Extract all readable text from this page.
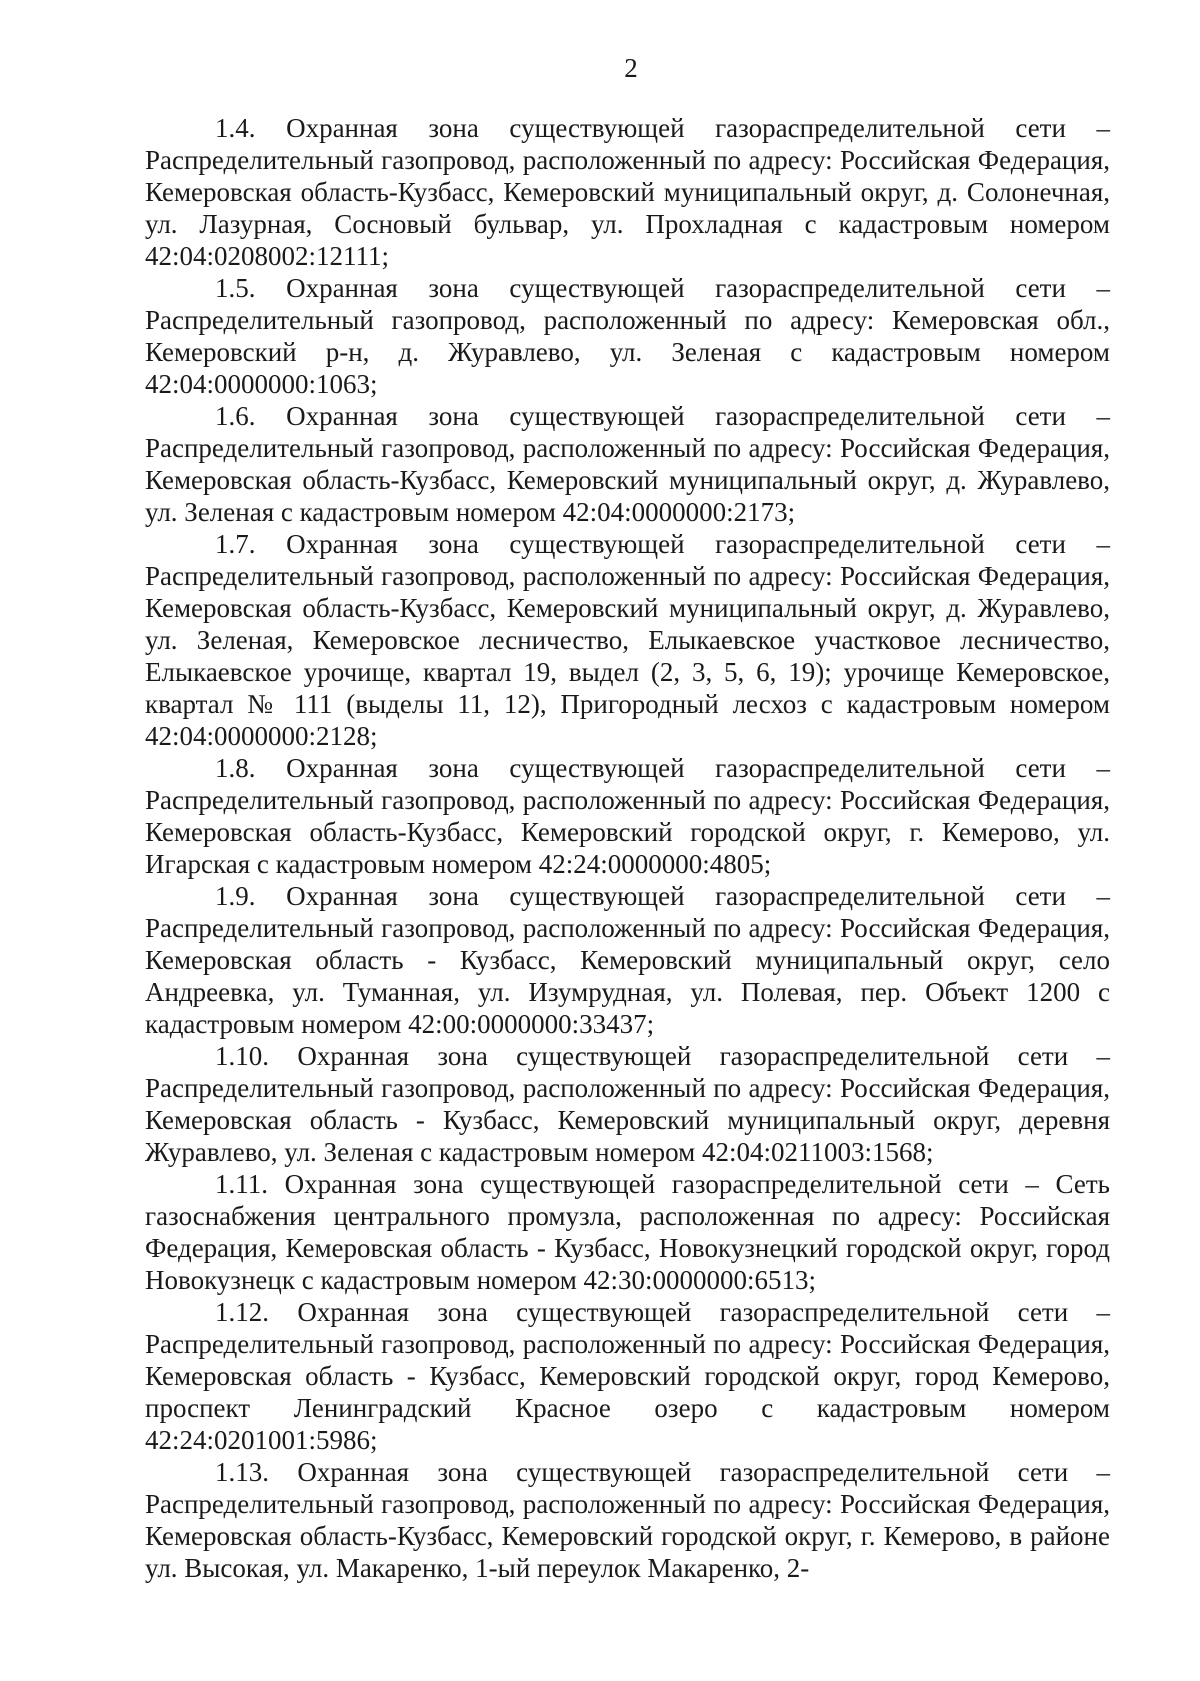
2

1.4. Охранная зона существующей газораспределительной сети – Распределительный газопровод, расположенный по адресу: Российская Федерация, Кемеровская область-Кузбасс, Кемеровский муниципальный округ, д. Солонечная, ул. Лазурная, Сосновый бульвар, ул. Прохладная с кадастровым номером 42:04:0208002:12111;

1.5. Охранная зона существующей газораспределительной сети – Распределительный газопровод, расположенный по адресу: Кемеровская обл., Кемеровский р-н, д. Журавлево, ул. Зеленая с кадастровым номером 42:04:0000000:1063;

1.6. Охранная зона существующей газораспределительной сети – Распределительный газопровод, расположенный по адресу: Российская Федерация, Кемеровская область-Кузбасс, Кемеровский муниципальный округ, д. Журавлево, ул. Зеленая с кадастровым номером 42:04:0000000:2173;

1.7. Охранная зона существующей газораспределительной сети – Распределительный газопровод, расположенный по адресу: Российская Федерация, Кемеровская область-Кузбасс, Кемеровский муниципальный округ, д. Журавлево, ул. Зеленая, Кемеровское лесничество, Елыкаевское участковое лесничество, Елыкаевское урочище, квартал 19, выдел (2, 3, 5, 6, 19); урочище Кемеровское, квартал № 111 (выделы 11, 12), Пригородный лесхоз с кадастровым номером 42:04:0000000:2128;

1.8. Охранная зона существующей газораспределительной сети – Распределительный газопровод, расположенный по адресу: Российская Федерация, Кемеровская область-Кузбасс, Кемеровский городской округ, г. Кемерово, ул. Игарская с кадастровым номером 42:24:0000000:4805;

1.9. Охранная зона существующей газораспределительной сети – Распределительный газопровод, расположенный по адресу: Российская Федерация, Кемеровская область - Кузбасс, Кемеровский муниципальный округ, село Андреевка, ул. Туманная, ул. Изумрудная, ул. Полевая, пер. Объект 1200 с кадастровым номером 42:00:0000000:33437;

1.10. Охранная зона существующей газораспределительной сети – Распределительный газопровод, расположенный по адресу: Российская Федерация, Кемеровская область - Кузбасс, Кемеровский муниципальный округ, деревня Журавлево, ул. Зеленая с кадастровым номером 42:04:0211003:1568;

1.11. Охранная зона существующей газораспределительной сети – Сеть газоснабжения центрального промузла, расположенная по адресу: Российская Федерация, Кемеровская область - Кузбасс, Новокузнецкий городской округ, город Новокузнецк с кадастровым номером 42:30:0000000:6513;

1.12. Охранная зона существующей газораспределительной сети – Распределительный газопровод, расположенный по адресу: Российская Федерация, Кемеровская область - Кузбасс, Кемеровский городской округ, город Кемерово, проспект Ленинградский Красное озеро с кадастровым номером 42:24:0201001:5986;

1.13. Охранная зона существующей газораспределительной сети – Распределительный газопровод, расположенный по адресу: Российская Федерация, Кемеровская область-Кузбасс, Кемеровский городской округ, г. Кемерово, в районе ул. Высокая, ул. Макаренко, 1-ый переулок Макаренко, 2-
